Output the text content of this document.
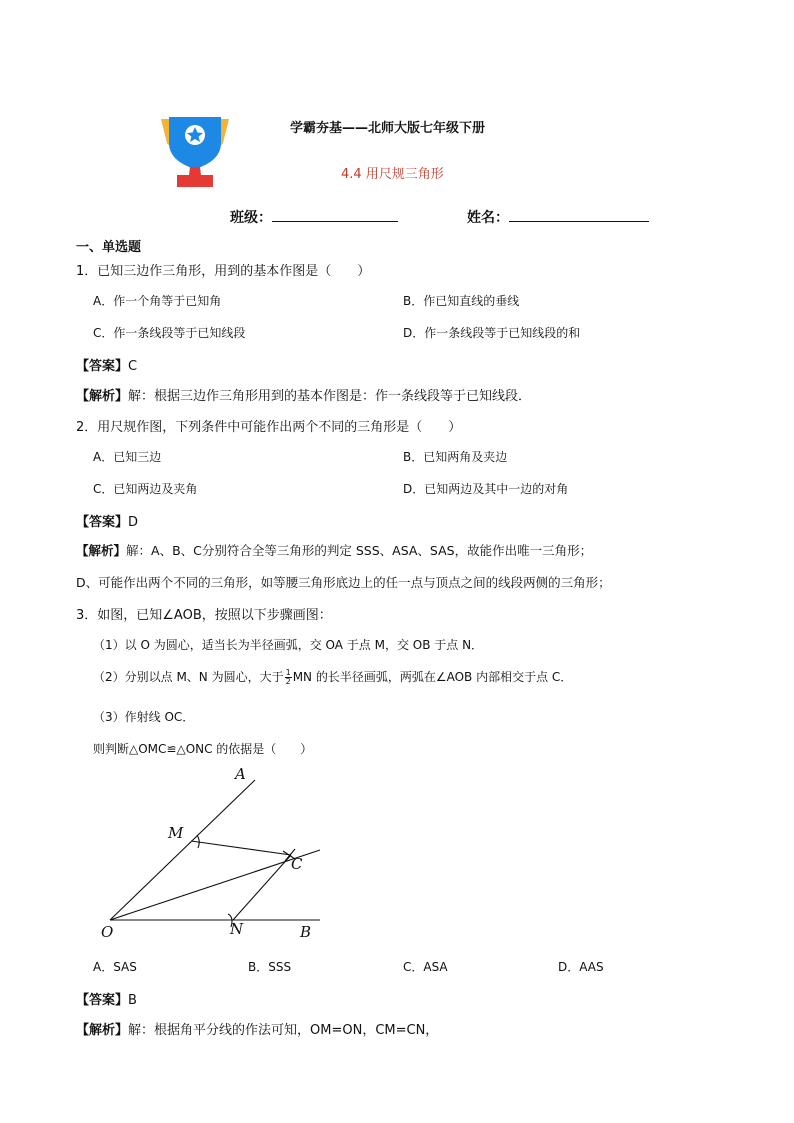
学霸夯基——北师大版七年级下册
4.4 用尺规三角形
班级：	姓名：
一、单选题
1．已知三边作三角形，用到的基本作图是（　　）
A．作一个角等于已知角	B．作已知直线的垂线
C．作一条线段等于已知线段	D．作一条线段等于已知线段的和
【答案】C
【解析】解：根据三边作三角形用到的基本作图是：作一条线段等于已知线段．
2．用尺规作图，下列条件中可能作出两个不同的三角形是（　　）
A．已知三边	B．已知两角及夹边
C．已知两边及夹角	D．已知两边及其中一边的对角
【答案】D
【解析】解：A、B、C分别符合全等三角形的判定 SSS、ASA、SAS，故能作出唯一三角形；
D、可能作出两个不同的三角形，如等腰三角形底边上的任一点与顶点之间的线段两侧的三角形；
3．如图，已知∠AOB，按照以下步骤画图：
（1）以 O 为圆心，适当长为半径画弧，交 OA 于点 M，交 OB 于点 N．
（2）分别以点 M、N 为圆心，大于 $\frac{1}{2}$ MN 的长半径画弧，两弧在∠AOB 内部相交于点 C．
（3）作射线 OC．
则判断△OMC≌△ONC 的依据是（　　）
A
M
C
O	N	B
A．SAS	B．SSS	C．ASA	D．AAS
【答案】B
【解析】解：根据角平分线的作法可知，OM=ON，CM=CN，
